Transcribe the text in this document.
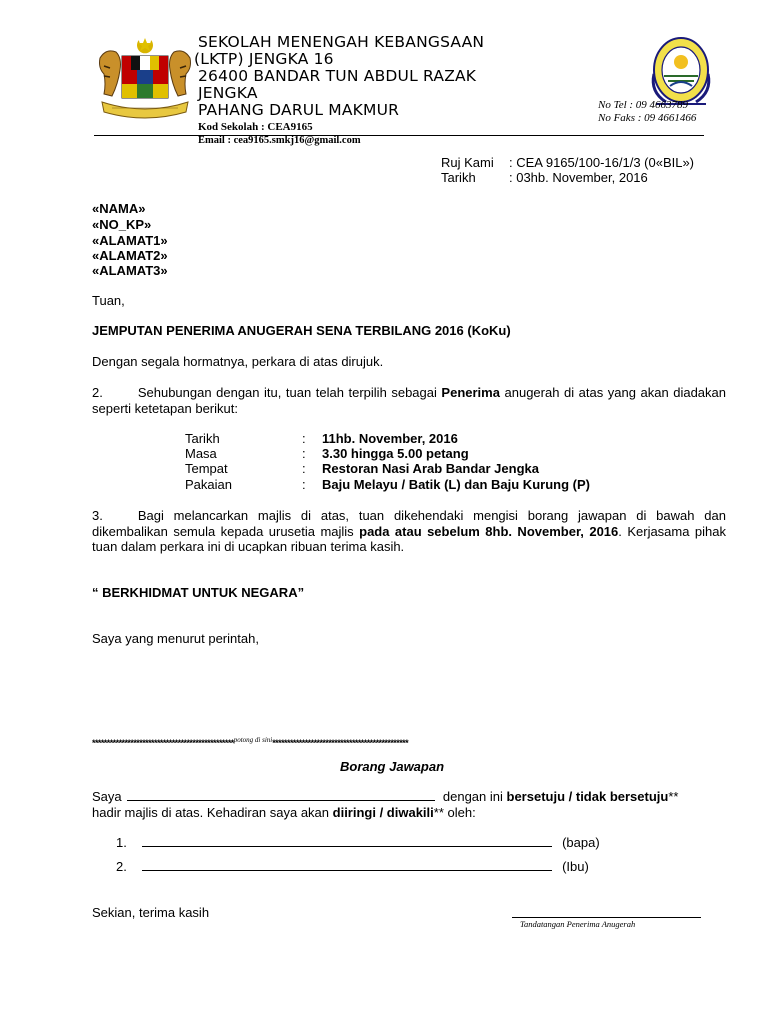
SEKOLAH MENENGAH KEBANGSAAN
(LKTP) JENGKA 16
26400 BANDAR TUN ABDUL RAZAK
JENGKA
PAHANG DARUL MAKMUR
Kod Sekolah : CEA9165
Email : cea9165.smkj16@gmail.com
No Tel : 09 4663789
No Faks : 09 4661466
Ruj Kami : CEA 9165/100-16/1/3 (0«BIL»)
Tarikh	: 03hb. November, 2016
«NAMA»
«NO_KP»
«ALAMAT1»
«ALAMAT2»
«ALAMAT3»
Tuan,
JEMPUTAN PENERIMA ANUGERAH SENA TERBILANG 2016 (KoKu)
Dengan segala hormatnya, perkara di atas dirujuk.
2.	Sehubungan dengan itu, tuan telah terpilih sebagai Penerima anugerah di atas yang akan diadakan seperti ketetapan berikut:
Tarikh	: 11hb. November, 2016
Masa	: 3.30 hingga 5.00 petang
Tempat	: Restoran Nasi Arab Bandar Jengka
Pakaian	: Baju Melayu / Batik (L) dan Baju Kurung (P)
3.	Bagi melancarkan majlis di atas, tuan dikehendaki mengisi borang jawapan di bawah dan dikembalikan semula kepada urusetia majlis pada atau sebelum 8hb. November, 2016. Kerjasama pihak tuan dalam perkara ini di ucapkan ribuan terima kasih.
“ BERKHIDMAT UNTUK NEGARA”
Saya yang menurut perintah,
************************************************$^{potong di sini}$**********************************************
Borang Jawapan
Saya	dengan ini bersetuju / tidak bersetuju**
hadir majlis di atas. Kehadiran saya akan diiringi / diwakili** oleh:
1.	(bapa)
2.	(Ibu)
Sekian, terima kasih
Tandatangan Penerima Anugerah
